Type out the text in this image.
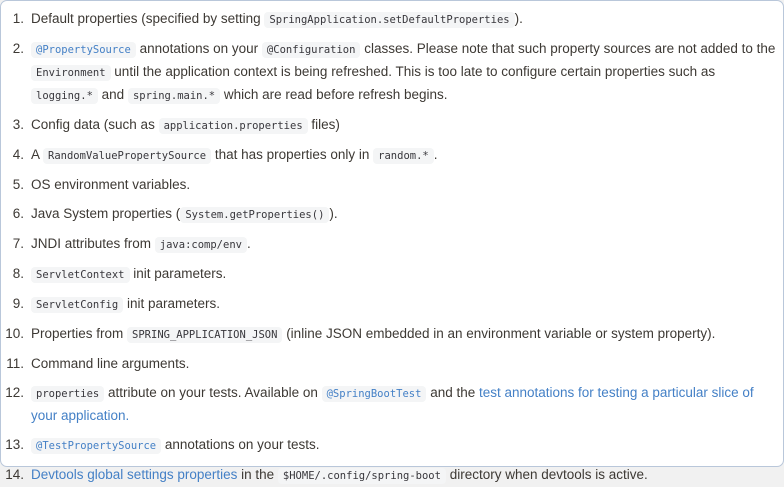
1. Default properties (specified by setting SpringApplication.setDefaultProperties ).
2. @PropertySource annotations on your @Configuration classes. Please note that such property sources are not added to the Environment until the application context is being refreshed. This is too late to configure certain properties such as logging.* and spring.main.* which are read before refresh begins.
3. Config data (such as application.properties files)
4. A RandomValuePropertySource that has properties only in random.* .
5. OS environment variables.
6. Java System properties ( System.getProperties() ).
7. JNDI attributes from java:comp/env .
8. ServletContext init parameters.
9. ServletConfig init parameters.
10. Properties from SPRING_APPLICATION_JSON (inline JSON embedded in an environment variable or system property).
11. Command line arguments.
12. properties attribute on your tests. Available on @SpringBootTest and the test annotations for testing a particular slice of your application.
13. @TestPropertySource annotations on your tests.
14. Devtools global settings properties in the $HOME/.config/spring-boot directory when devtools is active.
